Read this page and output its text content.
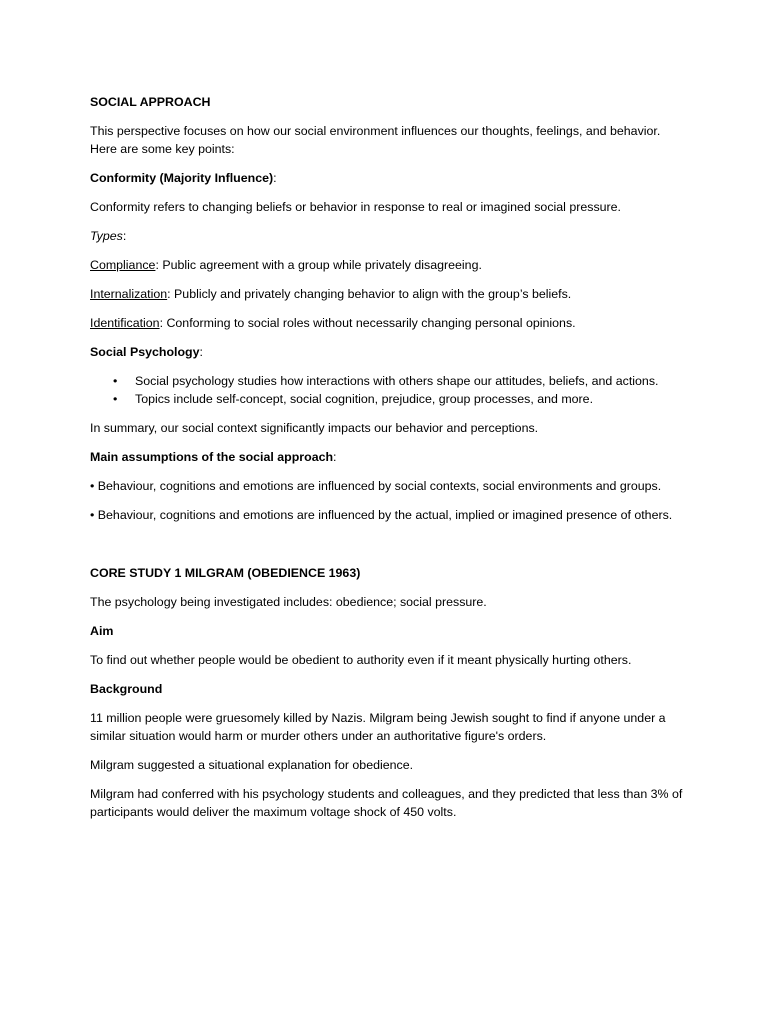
SOCIAL APPROACH

This perspective focuses on how our social environment influences our thoughts, feelings, and behavior. Here are some key points:

Conformity (Majority Influence):

Conformity refers to changing beliefs or behavior in response to real or imagined social pressure.

Types:

Compliance: Public agreement with a group while privately disagreeing.

Internalization: Publicly and privately changing behavior to align with the group’s beliefs.

Identification: Conforming to social roles without necessarily changing personal opinions.

Social Psychology:

• Social psychology studies how interactions with others shape our attitudes, beliefs, and actions.
• Topics include self-concept, social cognition, prejudice, group processes, and more.

In summary, our social context significantly impacts our behavior and perceptions.

Main assumptions of the social approach:

• Behaviour, cognitions and emotions are influenced by social contexts, social environments and groups.

• Behaviour, cognitions and emotions are influenced by the actual, implied or imagined presence of others.

CORE STUDY 1 MILGRAM (OBEDIENCE 1963)

The psychology being investigated includes: obedience; social pressure.

Aim

To find out whether people would be obedient to authority even if it meant physically hurting others.

Background

11 million people were gruesomely killed by Nazis. Milgram being Jewish sought to find if anyone under a similar situation would harm or murder others under an authoritative figure's orders.

Milgram suggested a situational explanation for obedience.

Milgram had conferred with his psychology students and colleagues, and they predicted that less than 3% of participants would deliver the maximum voltage shock of 450 volts.
